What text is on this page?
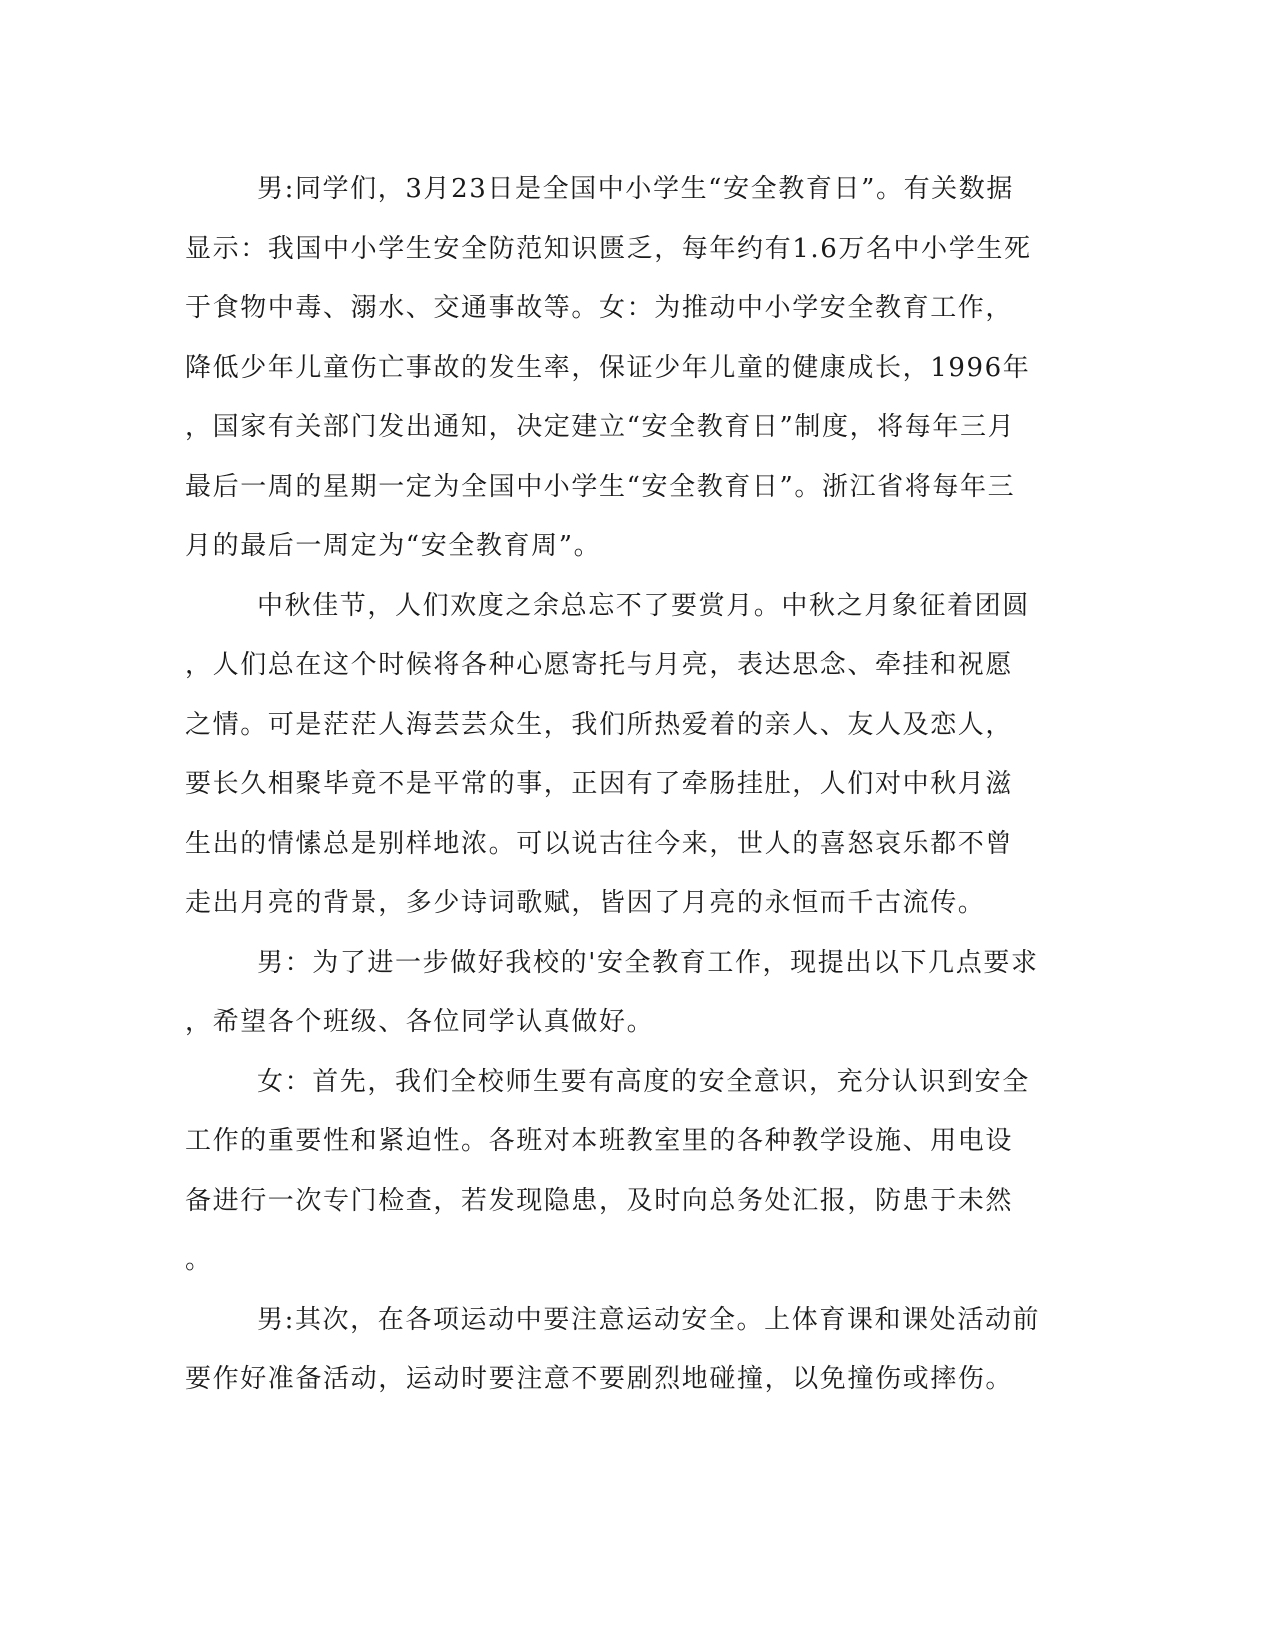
男:同学们，3月23日是全国中小学生“安全教育日”。有关数据
显示：我国中小学生安全防范知识匮乏，每年约有1.6万名中小学生死
于食物中毒、溺水、交通事故等。女：为推动中小学安全教育工作，
降低少年儿童伤亡事故的发生率，保证少年儿童的健康成长，1996年
，国家有关部门发出通知，决定建立“安全教育日”制度，将每年三月
最后一周的星期一定为全国中小学生“安全教育日”。浙江省将每年三
月的最后一周定为“安全教育周”。
中秋佳节，人们欢度之余总忘不了要赏月。中秋之月象征着团圆
，人们总在这个时候将各种心愿寄托与月亮，表达思念、牵挂和祝愿
之情。可是茫茫人海芸芸众生，我们所热爱着的亲人、友人及恋人，
要长久相聚毕竟不是平常的事，正因有了牵肠挂肚，人们对中秋月滋
生出的情愫总是别样地浓。可以说古往今来，世人的喜怒哀乐都不曾
走出月亮的背景，多少诗词歌赋，皆因了月亮的永恒而千古流传。
男：为了进一步做好我校的'安全教育工作，现提出以下几点要求
，希望各个班级、各位同学认真做好。
女：首先，我们全校师生要有高度的安全意识，充分认识到安全
工作的重要性和紧迫性。各班对本班教室里的各种教学设施、用电设
备进行一次专门检查，若发现隐患，及时向总务处汇报，防患于未然
。
男:其次，在各项运动中要注意运动安全。上体育课和课处活动前
要作好准备活动，运动时要注意不要剧烈地碰撞，以免撞伤或摔伤。
